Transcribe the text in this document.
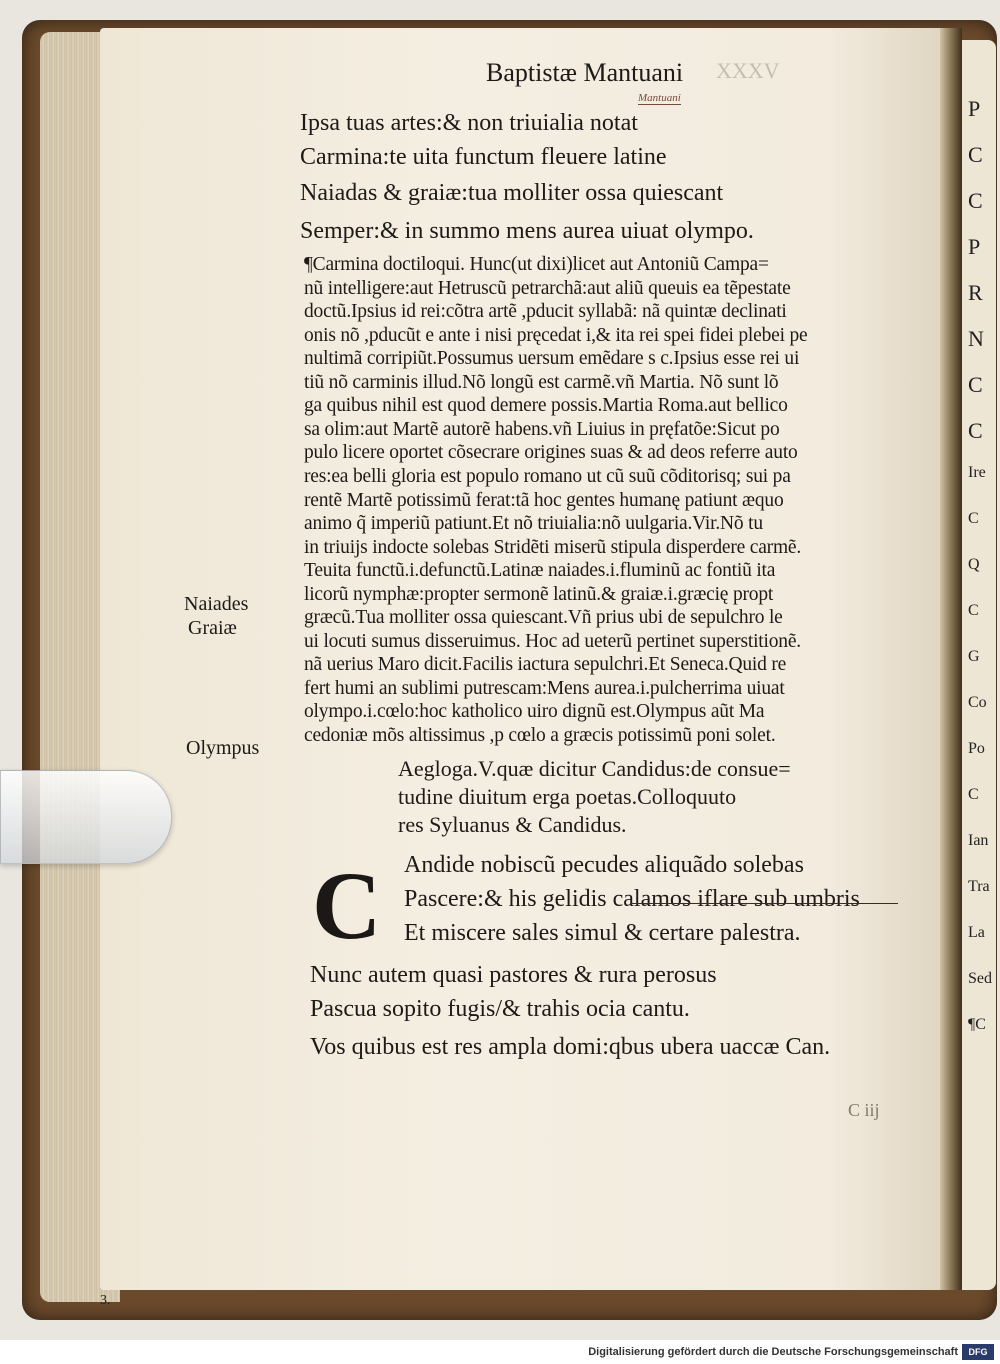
P
C
C
P
R
N
C
C
Ire
C
Q
C
G
Co
Po
C
Ian
Tra
La
Sed
¶C
Baptistæ Mantuani XXXV
Mantuani
Ipsa tuas artes:& non triuialia notat
Carmina:te uita functum fleuere latine
Naiadas & graiæ:tua molliter ossa quiescant
Semper:& in summo mens aurea uiuat olympo.
¶Carmina doctiloqui. Hunc(ut dixi)licet aut Antoniũ Campa=
nũ intelligere:aut Hetruscũ petrarchã:aut aliũ queuis ea tẽpestate
doctũ.Ipsius id rei:cõtra artẽ ,pducit syllabã: nã quintæ declinati
onis nõ ,pducũt e ante i nisi pręcedat i,& ita rei spei fidei plebei pe
nultimã corripiũt.Possumus uersum emẽdare s c.Ipsius esse rei ui
tiũ nõ carminis illud.Nõ longũ est carmẽ.vñ Martia. Nõ sunt lõ
ga quibus nihil est quod demere possis.Martia Roma.aut bellico
sa olim:aut Martẽ autorẽ habens.vñ Liuius in pręfatõe:Sicut po
pulo licere oportet cõsecrare origines suas & ad deos referre auto
res:ea belli gloria est populo romano ut cũ suũ cõditorisq; sui pa
rentẽ Martẽ potissimũ ferat:tã hoc gentes humanę patiunt æquo
animo q̃ imperiũ patiunt.Et nõ triuialia:nõ uulgaria.Vir.Nõ tu
in triuijs indocte solebas Stridẽti miserũ stipula disperdere carmẽ.
Teuita functũ.i.defunctũ.Latinæ naiades.i.fluminũ ac fontiũ ita
licorũ nymphæ:propter sermonẽ latinũ.& graiæ.i.græcię propt
græcũ.Tua molliter ossa quiescant.Vñ prius ubi de sepulchro le
ui locuti sumus disseruimus. Hoc ad ueterũ pertinet superstitionẽ.
nã uerius Maro dicit.Facilis iactura sepulchri.Et Seneca.Quid re
fert humi an sublimi putrescam:Mens aurea.i.pulcherrima uiuat
olympo.i.cœlo:hoc katholico uiro dignũ est.Olympus aũt Ma
cedoniæ mõs altissimus ,p cœlo a græcis potissimũ poni solet.
Naiades
Graiæ
Olympus
Aegloga.V.quæ dicitur Candidus:de consue=
tudine diuitum erga poetas.Colloquuto
res Syluanus & Candidus.
C Andide nobiscũ pecudes aliquãdo solebas
Pascere:& his gelidis calamos iflare sub umbris
Et miscere sales simul & certare palestra.
Nunc autem quasi pastores & rura perosus
Pascua sopito fugis/& trahis ocia cantu.
Vos quibus est res ampla domi:qbus ubera uaccæ Can.
C iij
3.
Digitalisierung gefördert durch die Deutsche Forschungsgemeinschaft	DFG
